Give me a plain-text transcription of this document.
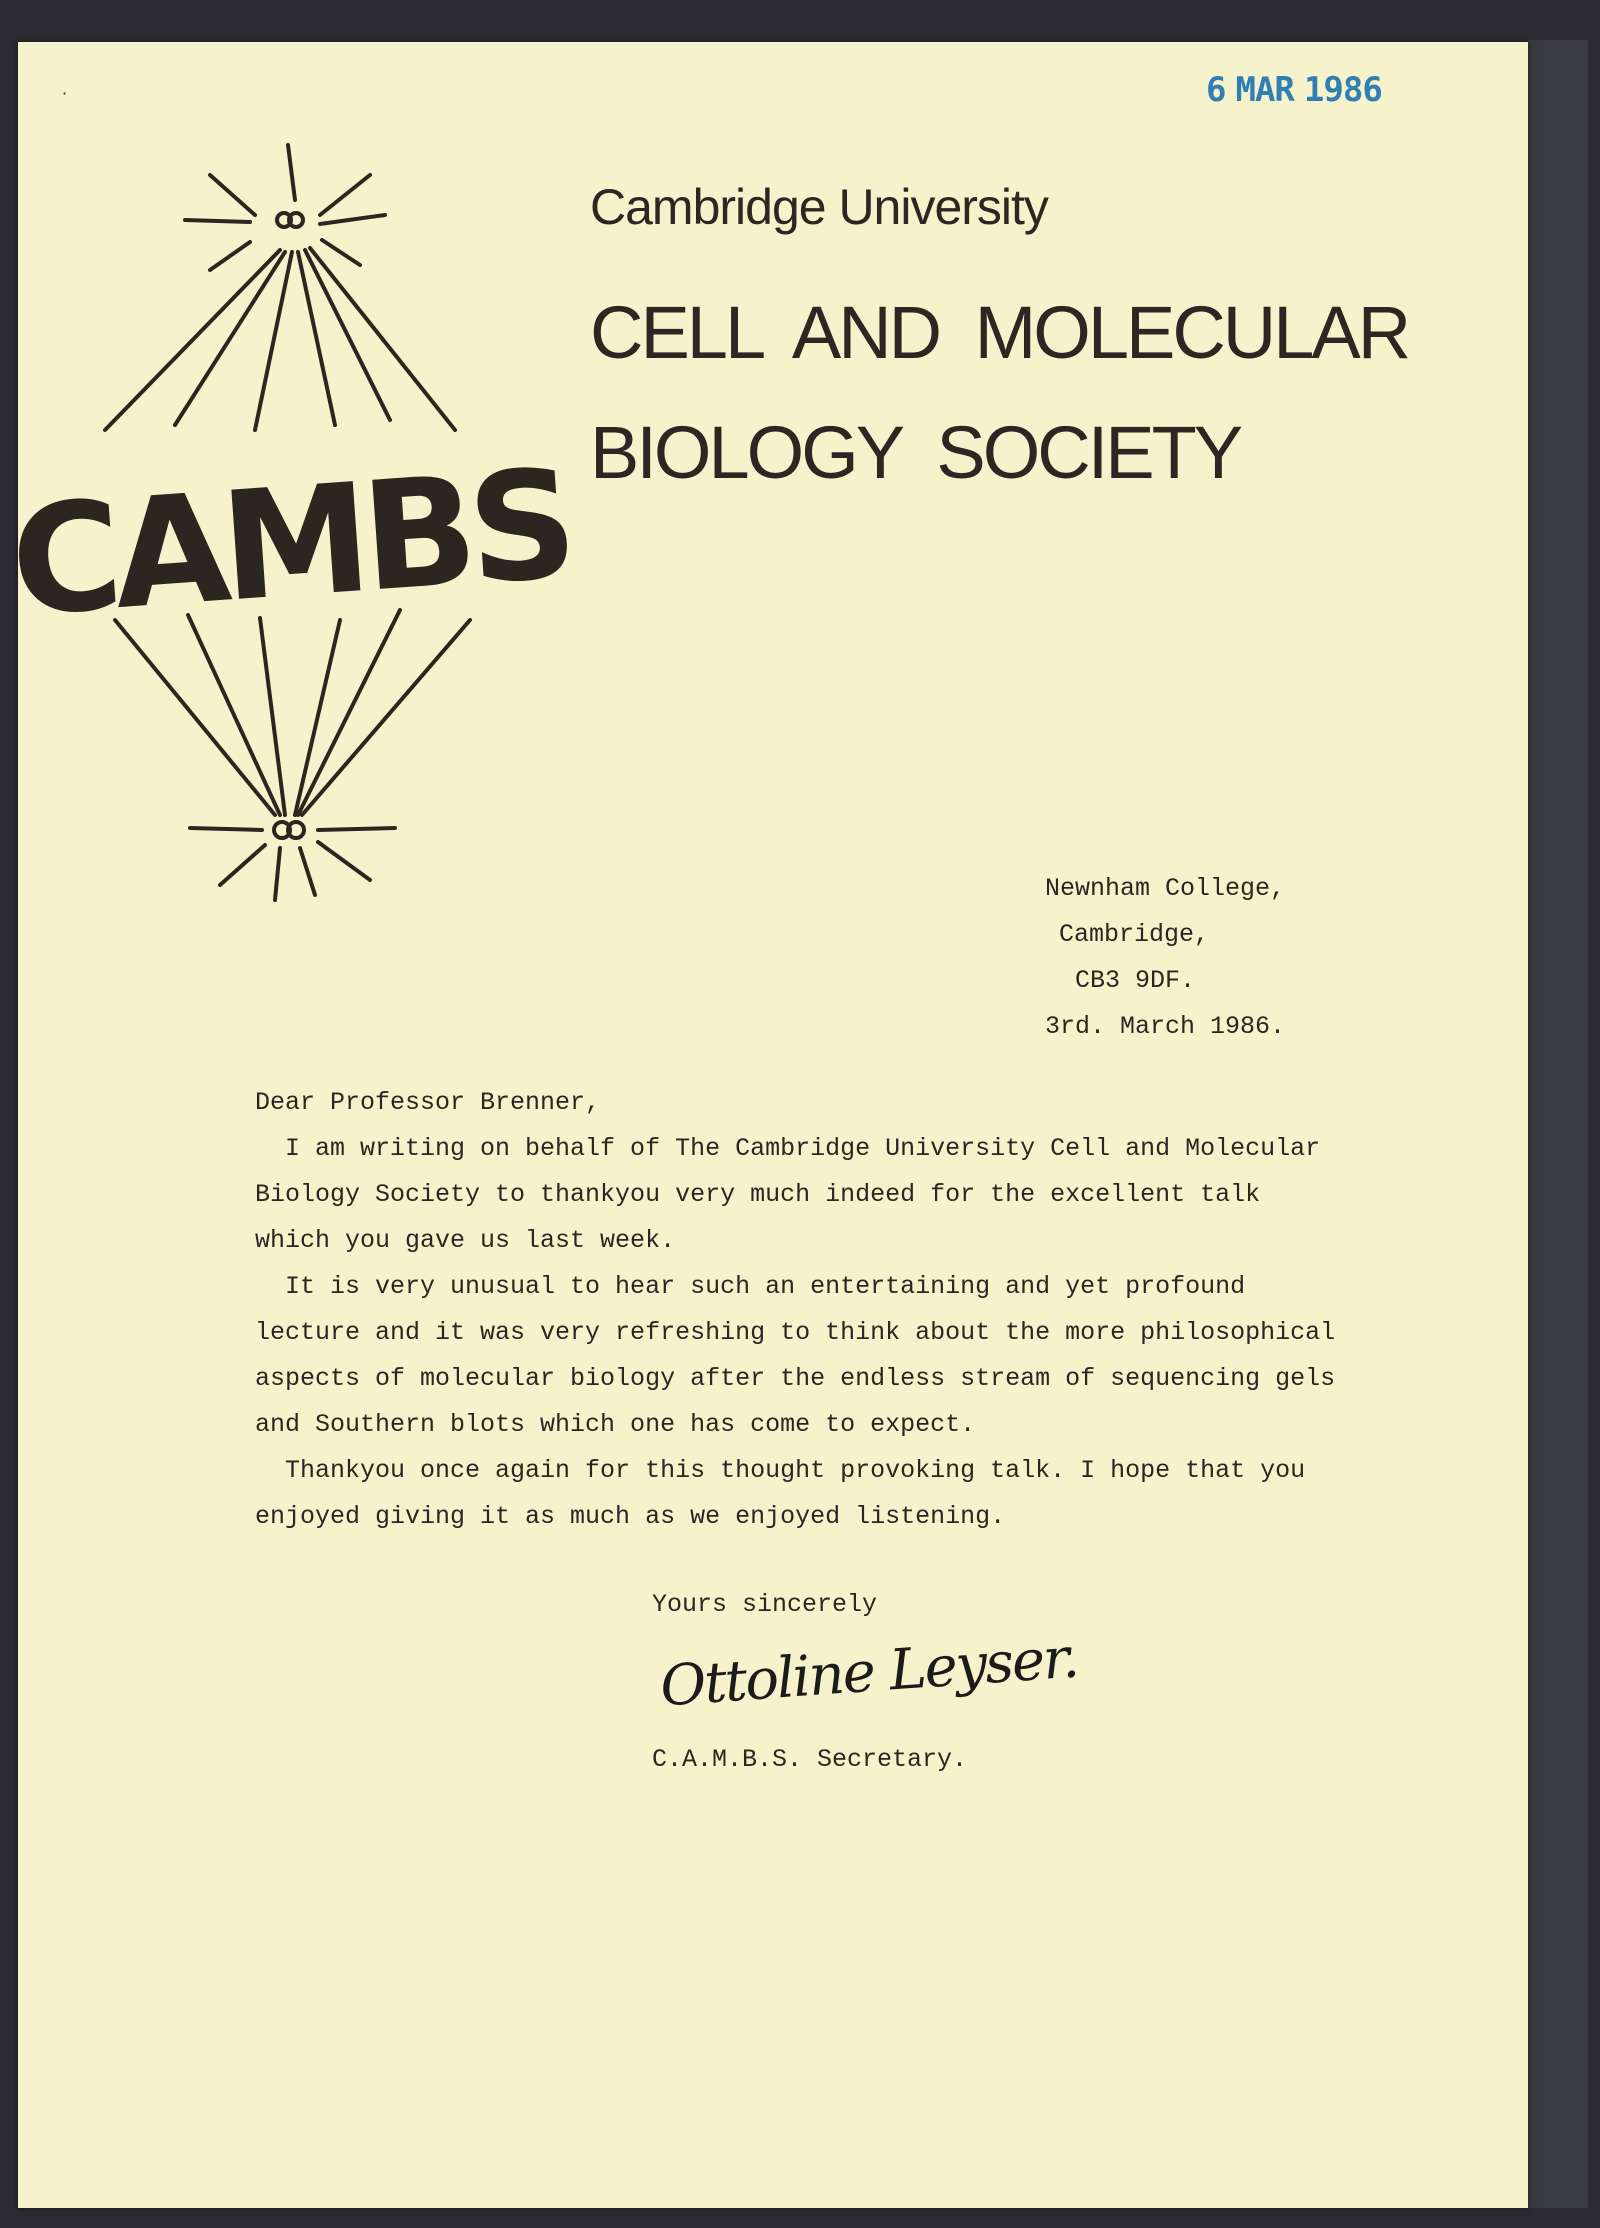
6 MAR 1986
·
CAMBS
Cambridge University
CELL AND MOLECULAR
BIOLOGY SOCIETY
Newnham College,
Cambridge,
CB3 9DF.
3rd. March 1986.
Dear Professor Brenner,
I am writing on behalf of The Cambridge University Cell and Molecular
Biology Society to thankyou very much indeed for the excellent talk
which you gave us last week.
It is very unusual to hear such an entertaining and yet profound
lecture and it was very refreshing to think about the more philosophical
aspects of molecular biology after the endless stream of sequencing gels
and Southern blots which one has come to expect.
Thankyou once again for this thought provoking talk. I hope that you
enjoyed giving it as much as we enjoyed listening.
Yours sincerely
Ottoline Leyser.
C.A.M.B.S. Secretary.
